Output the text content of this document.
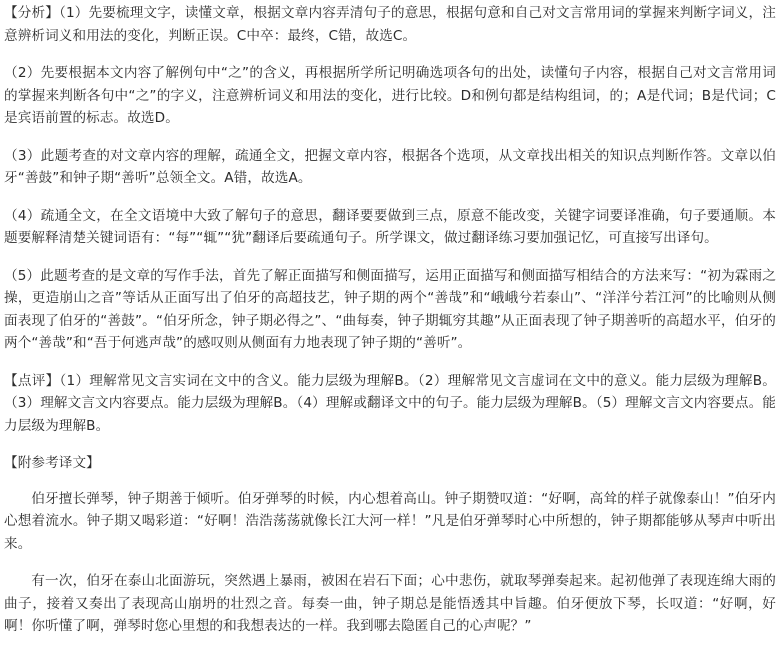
【分析】（1）先要梳理文字，读懂文章，根据文章内容弄清句子的意思，根据句意和自己对文言常用词的掌握来判断字词义，注意辨析词义和用法的变化，判断正误。C中卒：最终，C错，故选C。

（2）先要根据本文内容了解例句中“之”的含义，再根据所学所记明确选项各句的出处，读懂句子内容，根据自己对文言常用词的掌握来判断各句中“之”的字义，注意辨析词义和用法的变化，进行比较。D和例句都是结构组词，的；A是代词；B是代词；C是宾语前置的标志。故选D。

（3）此题考查的对文章内容的理解，疏通全文，把握文章内容，根据各个选项，从文章找出相关的知识点判断作答。文章以伯牙“善鼓”和钟子期“善听”总领全文。A错，故选A。

（4）疏通全文，在全文语境中大致了解句子的意思，翻译要要做到三点，原意不能改变，关键字词要译准确，句子要通顺。本题要解释清楚关键词语有：“每”“辄”“犹”翻译后要疏通句子。所学课文，做过翻译练习要加强记忆，可直接写出译句。

（5）此题考查的是文章的写作手法，首先了解正面描写和侧面描写，运用正面描写和侧面描写相结合的方法来写：“初为霖雨之操，更造崩山之音”等话从正面写出了伯牙的高超技艺，钟子期的两个“善哉”和“峨峨兮若泰山”、“洋洋兮若江河”的比喻则从侧面表现了伯牙的“善鼓”。“伯牙所念，钟子期必得之”、“曲每奏，钟子期辄穷其趣”从正面表现了钟子期善听的高超水平，伯牙的两个“善哉”和“吾于何逃声哉”的感叹则从侧面有力地表现了钟子期的“善听”。

【点评】（1）理解常见文言实词在文中的含义。能力层级为理解B。（2）理解常见文言虚词在文中的意义。能力层级为理解B。（3）理解文言文内容要点。能力层级为理解B。（4）理解或翻译文中的句子。能力层级为理解B。（5）理解文言文内容要点。能力层级为理解B。

【附参考译文】

伯牙擅长弹琴，钟子期善于倾听。伯牙弹琴的时候，内心想着高山。钟子期赞叹道：“好啊，高耸的样子就像泰山！”伯牙内心想着流水。钟子期又喝彩道：“好啊！浩浩荡荡就像长江大河一样！”凡是伯牙弹琴时心中所想的，钟子期都能够从琴声中听出来。

有一次，伯牙在泰山北面游玩，突然遇上暴雨，被困在岩石下面；心中悲伤，就取琴弹奏起来。起初他弹了表现连绵大雨的曲子，接着又奏出了表现高山崩坍的壮烈之音。每奏一曲，钟子期总是能悟透其中旨趣。伯牙便放下琴，长叹道：“好啊，好啊！你听懂了啊，弹琴时您心里想的和我想表达的一样。我到哪去隐匿自己的心声呢？”
